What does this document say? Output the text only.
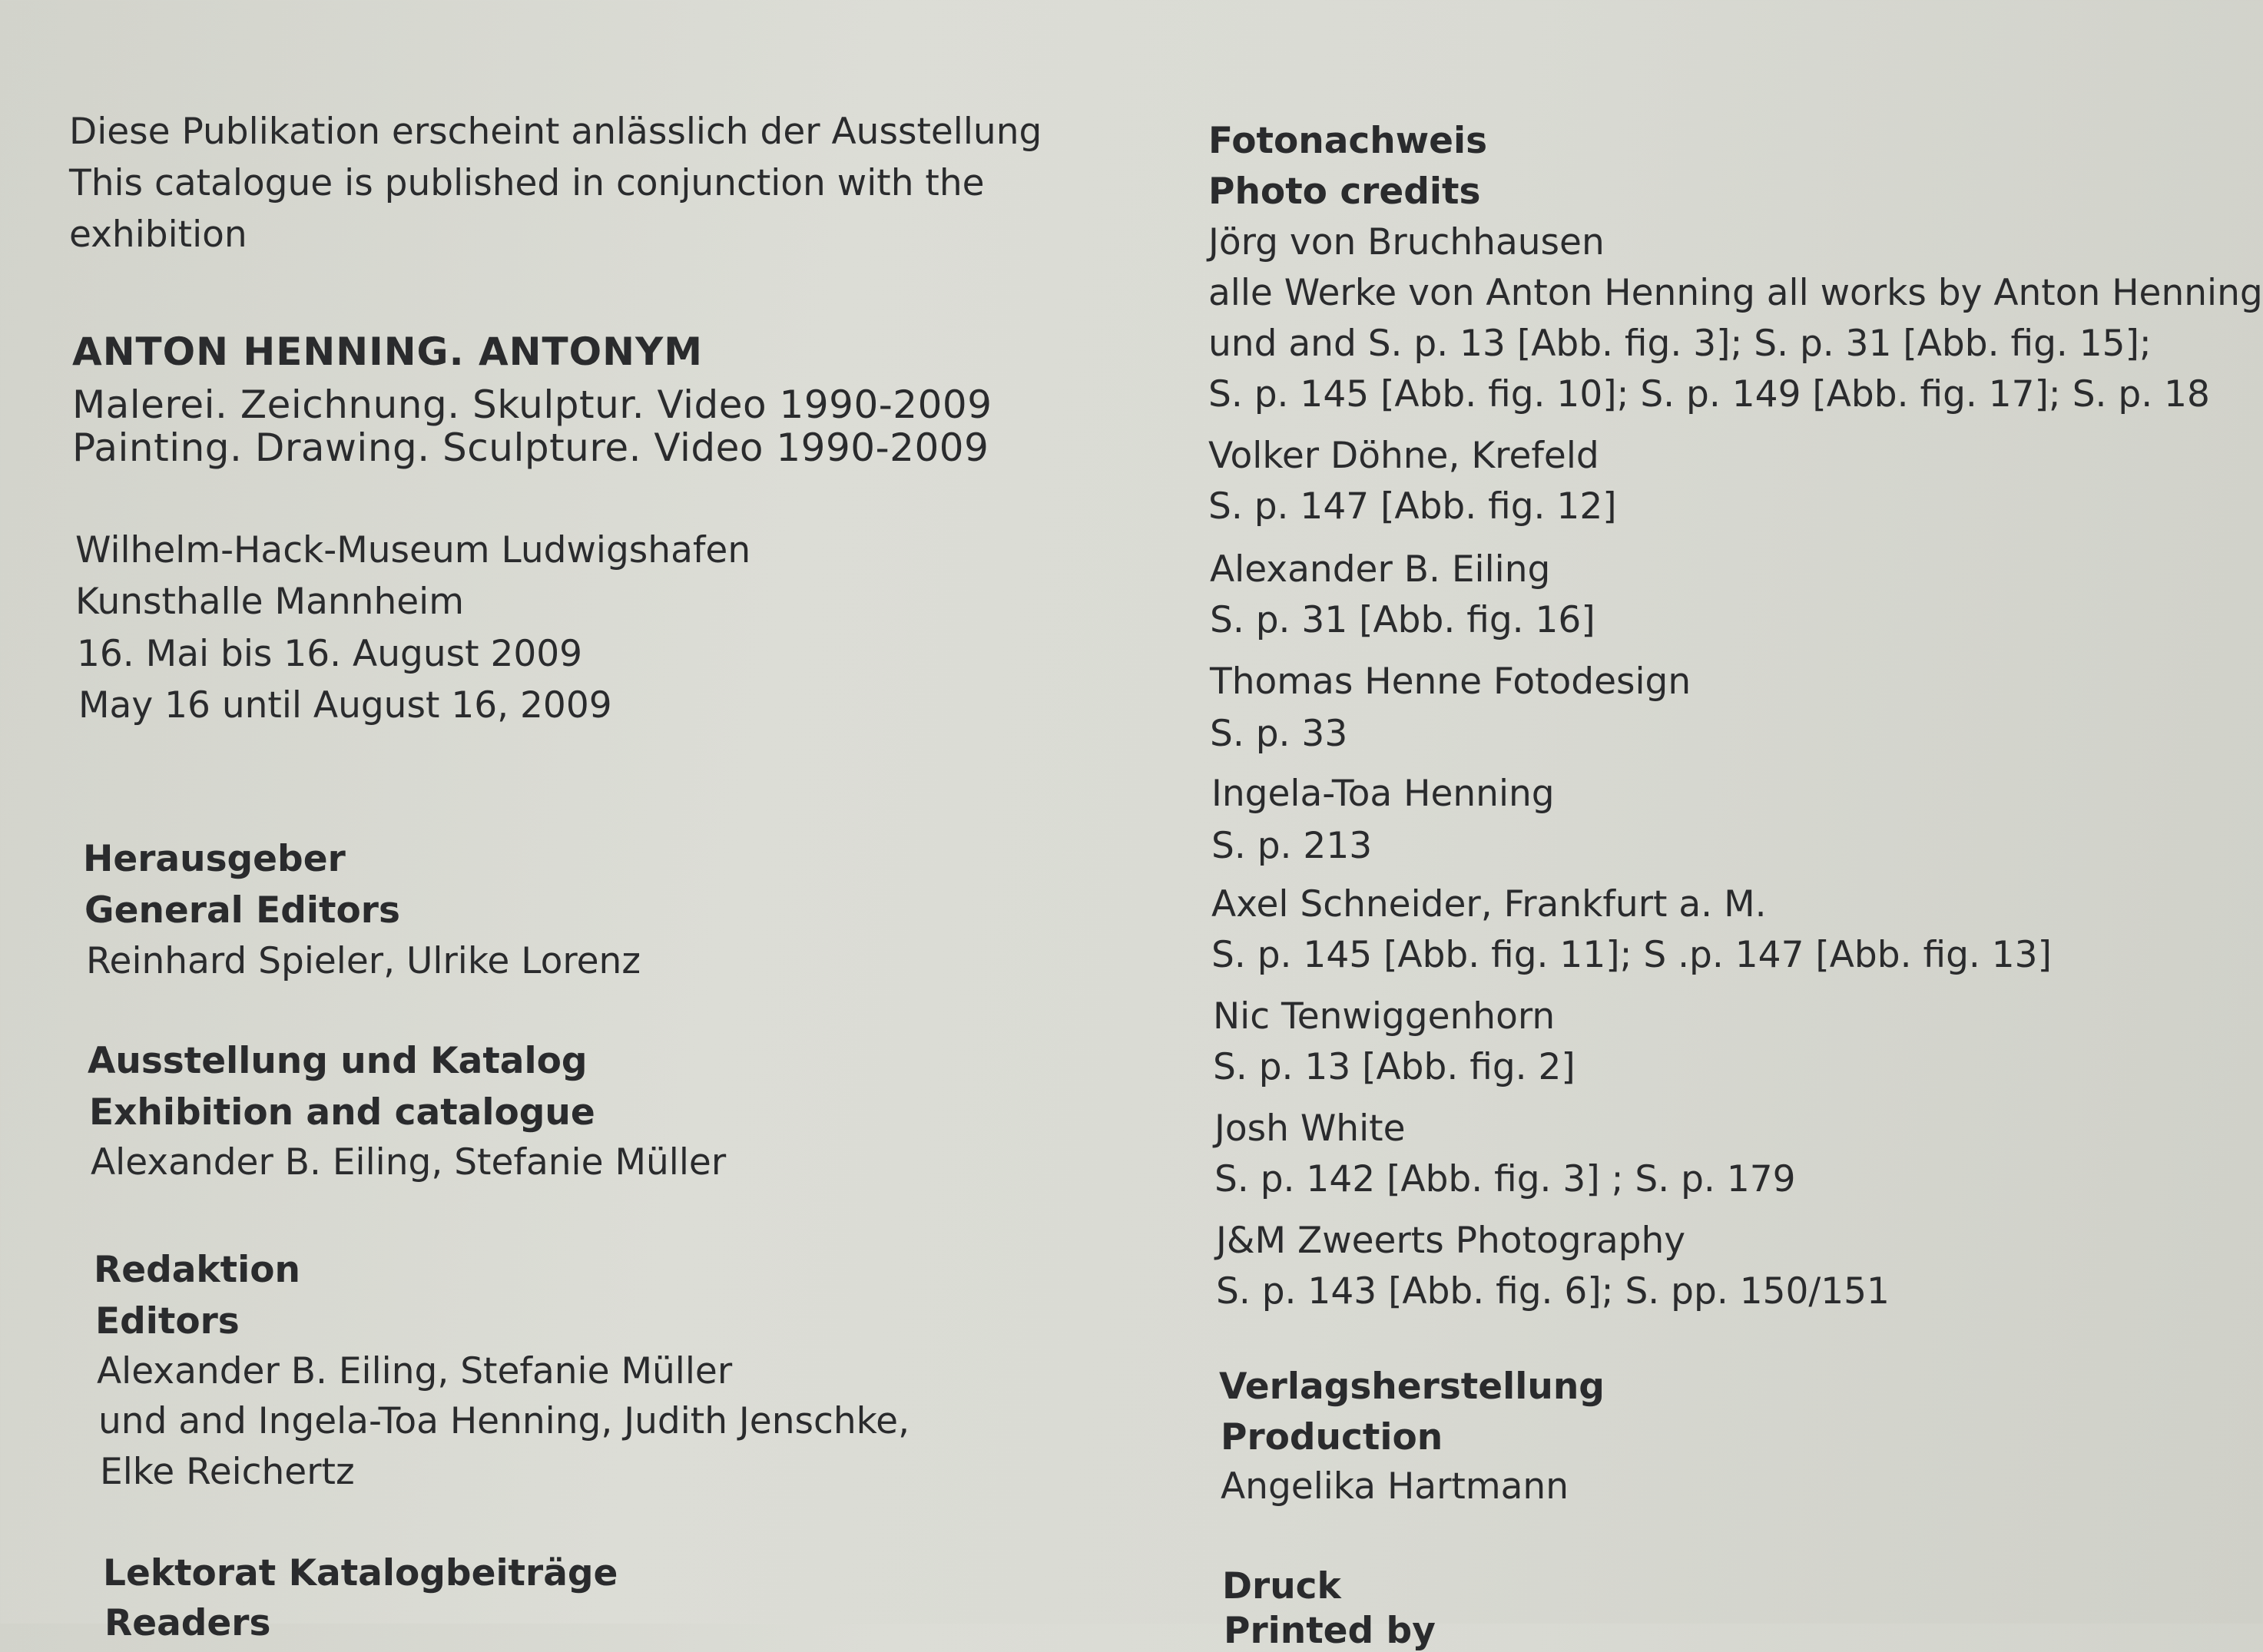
Diese Publikation erscheint anlässlich der Ausstellung
This catalogue is published in conjunction with the
exhibition
ANTON HENNING. ANTONYM
Malerei. Zeichnung. Skulptur. Video 1990-2009
Painting. Drawing. Sculpture. Video 1990-2009
Wilhelm-Hack-Museum Ludwigshafen
Kunsthalle Mannheim
16. Mai bis 16. August 2009
May 16 until August 16, 2009
Herausgeber
General Editors
Reinhard Spieler, Ulrike Lorenz
Ausstellung und Katalog
Exhibition and catalogue
Alexander B. Eiling, Stefanie Müller
Redaktion
Editors
Alexander B. Eiling, Stefanie Müller
und and Ingela-Toa Henning, Judith Jenschke,
Elke Reichertz
Lektorat Katalogbeiträge
Readers
Fotonachweis
Photo credits
Jörg von Bruchhausen
alle Werke von Anton Henning all works by Anton Henning
und and S. p. 13 [Abb. fig. 3]; S. p. 31 [Abb. fig. 15];
S. p. 145 [Abb. fig. 10]; S. p. 149 [Abb. fig. 17]; S. p. 18
Volker Döhne, Krefeld
S. p. 147 [Abb. fig. 12]
Alexander B. Eiling
S. p. 31 [Abb. fig. 16]
Thomas Henne Fotodesign
S. p. 33
Ingela-Toa Henning
S. p. 213
Axel Schneider, Frankfurt a. M.
S. p. 145 [Abb. fig. 11]; S .p. 147 [Abb. fig. 13]
Nic Tenwiggenhorn
S. p. 13 [Abb. fig. 2]
Josh White
S. p. 142 [Abb. fig. 3] ; S. p. 179
J&M Zweerts Photography
S. p. 143 [Abb. fig. 6]; S. pp. 150/151
Verlagsherstellung
Production
Angelika Hartmann
Druck
Printed by
